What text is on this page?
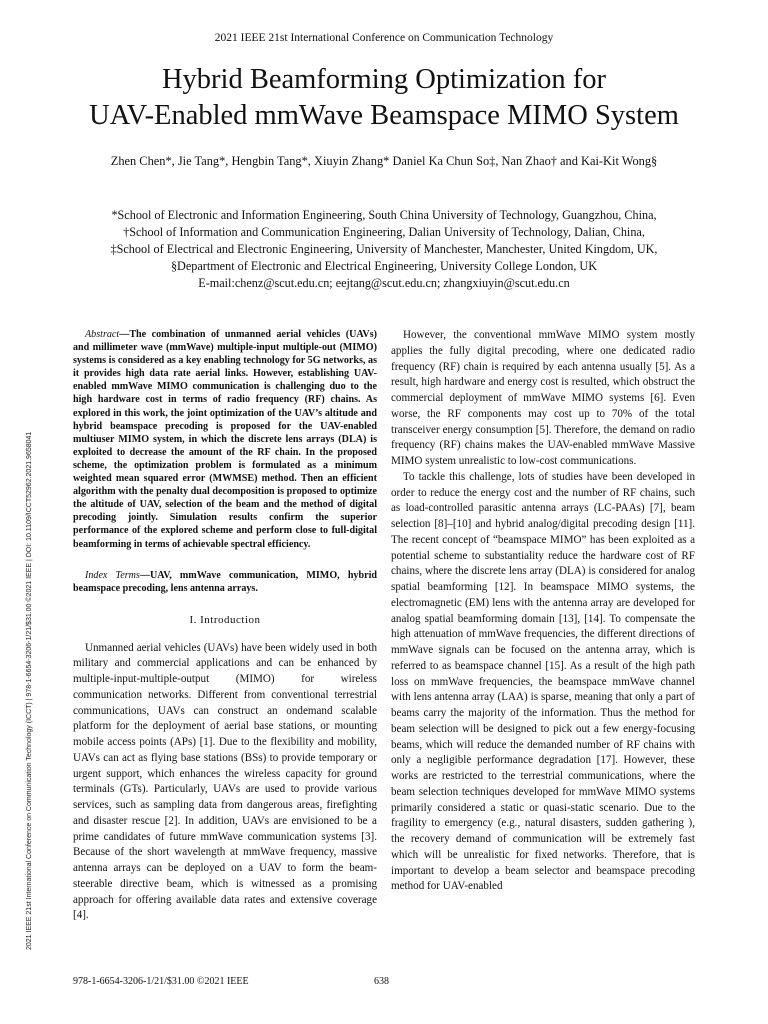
2021 IEEE 21st International Conference on Communication Technology
Hybrid Beamforming Optimization for
UAV-Enabled mmWave Beamspace MIMO System
Zhen Chen*, Jie Tang*, Hengbin Tang*, Xiuyin Zhang* Daniel Ka Chun So‡, Nan Zhao† and Kai-Kit Wong§
*School of Electronic and Information Engineering, South China University of Technology, Guangzhou, China,
†School of Information and Communication Engineering, Dalian University of Technology, Dalian, China,
‡School of Electrical and Electronic Engineering, University of Manchester, Manchester, United Kingdom, UK,
§Department of Electronic and Electrical Engineering, University College London, UK
E-mail:chenz@scut.edu.cn; eejtang@scut.edu.cn; zhangxiuyin@scut.edu.cn
2021 IEEE 21st International Conference on Communication Technology (ICCT) | 978-1-6654-3206-1/21/$31.00 ©2021 IEEE | DOI: 10.1109/ICCT52962.2021.9658041

Abstract—The combination of unmanned aerial vehicles (UAVs) and millimeter wave (mmWave) multiple-input multiple-out (MIMO) systems is considered as a key enabling technology for 5G networks, as it provides high data rate aerial links. However, establishing UAV-enabled mmWave MIMO communication is challenging duo to the high hardware cost in terms of radio frequency (RF) chains. As explored in this work, the joint optimization of the UAV’s altitude and hybrid beamspace precoding is proposed for the UAV-enabled multiuser MIMO system, in which the discrete lens arrays (DLA) is exploited to decrease the amount of the RF chain. In the proposed scheme, the optimization problem is formulated as a minimum weighted mean squared error (MWMSE) method. Then an efficient algorithm with the penalty dual decomposition is proposed to optimize the altitude of UAV, selection of the beam and the method of digital precoding jointly. Simulation results confirm the superior performance of the explored scheme and perform close to full-digital beamforming in terms of achievable spectral efficiency.

Index Terms—UAV, mmWave communication, MIMO, hybrid beamspace precoding, lens antenna arrays.

I. Introduction

Unmanned aerial vehicles (UAVs) have been widely used in both military and commercial applications and can be enhanced by multiple-input-multiple-output (MIMO) for wireless communication networks. Different from conventional terrestrial communications, UAVs can construct an ondemand scalable platform for the deployment of aerial base stations, or mounting mobile access points (APs) [1]. Due to the flexibility and mobility, UAVs can act as flying base stations (BSs) to provide temporary or urgent support, which enhances the wireless capacity for ground terminals (GTs). Particularly, UAVs are used to provide various services, such as sampling data from dangerous areas, firefighting and disaster rescue [2]. In addition, UAVs are envisioned to be a prime candidates of future mmWave communication systems [3]. Because of the short wavelength at mmWave frequency, massive antenna arrays can be deployed on a UAV to form the beam-steerable directive beam, which is witnessed as a promising approach for offering available data rates and extensive coverage [4].

However, the conventional mmWave MIMO system mostly applies the fully digital precoding, where one dedicated radio frequency (RF) chain is required by each antenna usually [5]. As a result, high hardware and energy cost is resulted, which obstruct the commercial deployment of mmWave MIMO systems [6]. Even worse, the RF components may cost up to 70% of the total transceiver energy consumption [5]. Therefore, the demand on radio frequency (RF) chains makes the UAV-enabled mmWave Massive MIMO system unrealistic to low-cost communications.

To tackle this challenge, lots of studies have been developed in order to reduce the energy cost and the number of RF chains, such as load-controlled parasitic antenna arrays (LC-PAAs) [7], beam selection [8]–[10] and hybrid analog/digital precoding design [11]. The recent concept of “beamspace MIMO” has been exploited as a potential scheme to substantiality reduce the hardware cost of RF chains, where the discrete lens array (DLA) is considered for analog spatial beamforming [12]. In beamspace MIMO systems, the electromagnetic (EM) lens with the antenna array are developed for analog spatial beamforming domain [13], [14]. To compensate the high attenuation of mmWave frequencies, the different directions of mmWave signals can be focused on the antenna array, which is referred to as beamspace channel [15]. As a result of the high path loss on mmWave frequencies, the beamspace mmWave channel with lens antenna array (LAA) is sparse, meaning that only a part of beams carry the majority of the information. Thus the method for beam selection will be designed to pick out a few energy-focusing beams, which will reduce the demanded number of RF chains with only a negligible performance degradation [17]. However, these works are restricted to the terrestrial communications, where the beam selection techniques developed for mmWave MIMO systems primarily considered a static or quasi-static scenario. Due to the fragility to emergency (e.g., natural disasters, sudden gathering ), the recovery demand of communication will be extremely fast which will be unrealistic for fixed networks. Therefore, that is important to develop a beam selector and beamspace precoding method for UAV-enabled

978-1-6654-3206-1/21/$31.00 ©2021 IEEE	638
